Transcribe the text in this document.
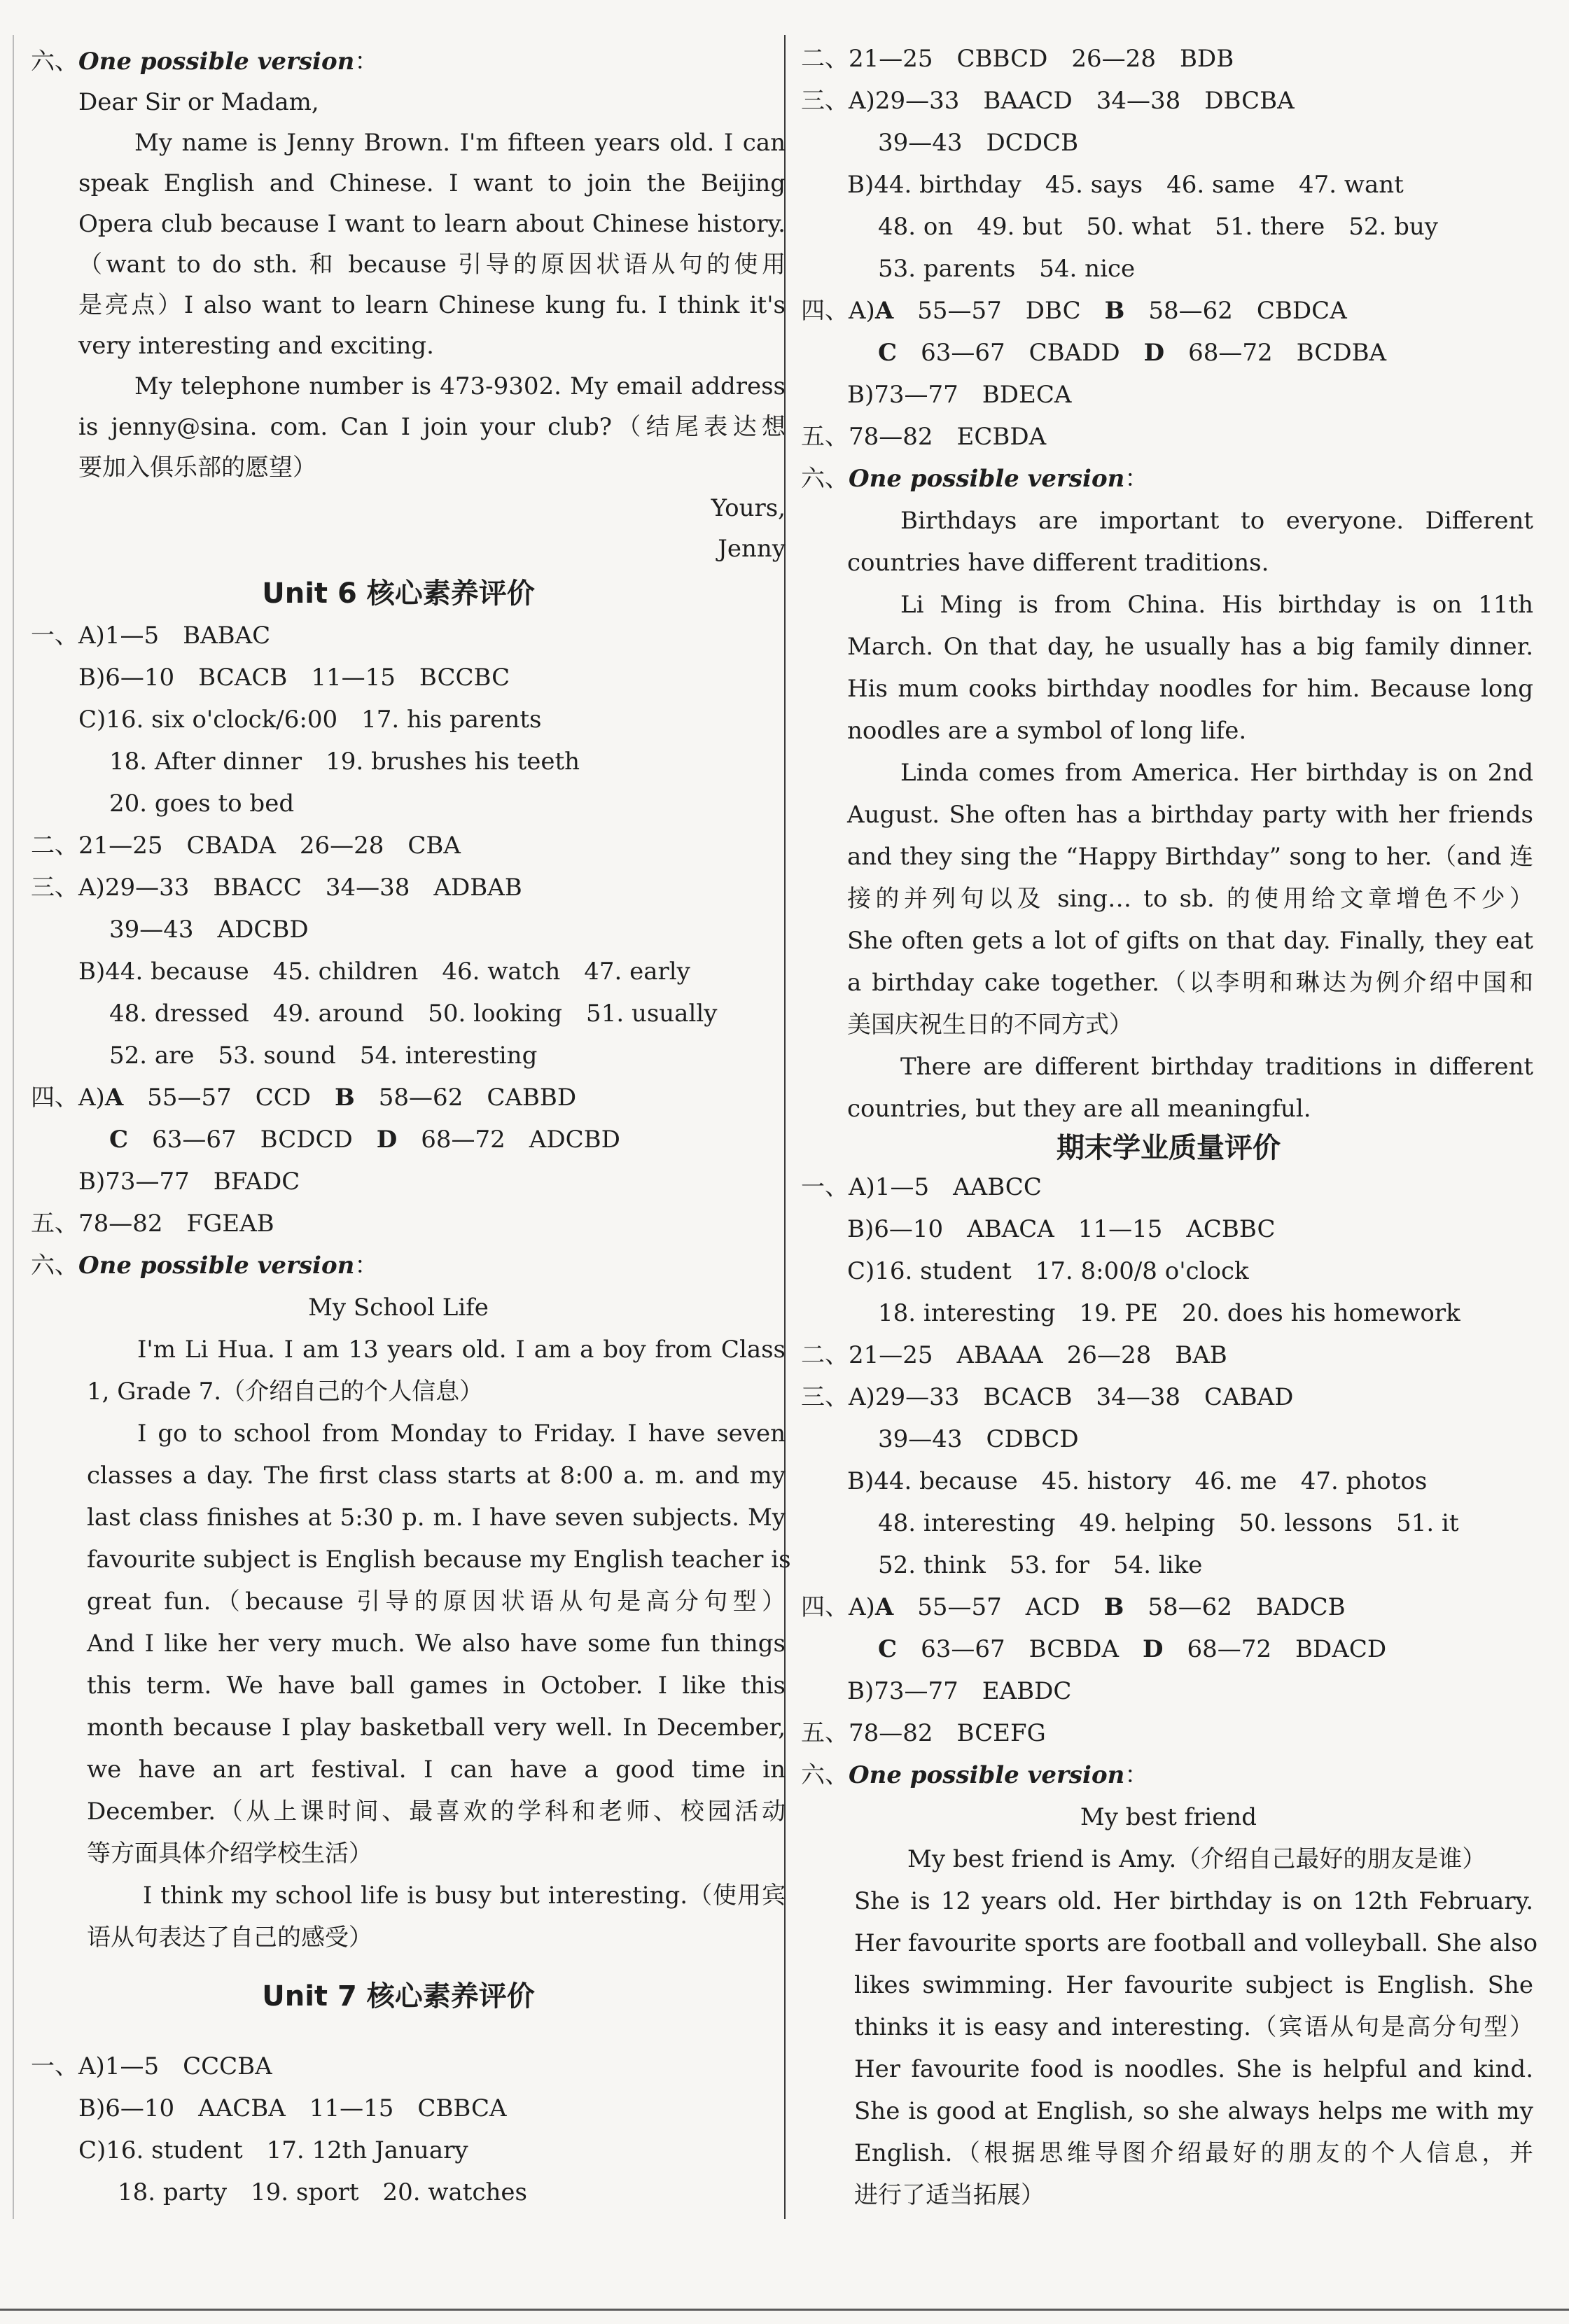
六、One possible version：
Dear Sir or Madam,
My name is Jenny Brown. I'm fifteen years old. I can
speak English and Chinese. I want to join the Beijing
Opera club because I want to learn about Chinese history.
（want to do sth. 和 because 引导的原因状语从句的使用
是亮点）I also want to learn Chinese kung fu. I think it's
very interesting and exciting.
My telephone number is 473-9302. My email address
is jenny@sina. com. Can I join your club?（结尾表达想
要加入俱乐部的愿望）
Yours,
Jenny
Unit 6 核心素养评价
一、A)1—5　BABAC
B)6—10　BCACB　11—15　BCCBC
C)16. six o'clock/6:00　17. his parents
18. After dinner　19. brushes his teeth
20. goes to bed
二、21—25　CBADA　26—28　CBA
三、A)29—33　BBACC　34—38　ADBAB
39—43　ADCBD
B)44. because　45. children　46. watch　47. early
48. dressed　49. around　50. looking　51. usually
52. are　53. sound　54. interesting
四、A)A　 55—57　CCD　B　 58—62　CABBD
C　 63—67　BCDCD　D　 68—72　ADCBD
B)73—77　BFADC
五、78—82　FGEAB
六、One possible version：
My School Life
I'm Li Hua. I am 13 years old. I am a boy from Class
1, Grade 7.（介绍自己的个人信息）
I go to school from Monday to Friday. I have seven
classes a day. The first class starts at 8:00 a. m. and my
last class finishes at 5:30 p. m. I have seven subjects. My
favourite subject is English because my English teacher is
great fun.（because 引导的原因状语从句是高分句型）
And I like her very much. We also have some fun things
this term. We have ball games in October. I like this
month because I play basketball very well. In December,
we have an art festival. I can have a good time in
December.（从上课时间、最喜欢的学科和老师、校园活动
等方面具体介绍学校生活）
I think my school life is busy but interesting.（使用宾
语从句表达了自己的感受）
Unit 7 核心素养评价
一、A)1—5　CCCBA
B)6—10　AACBA　11—15　CBBCA
C)16. student　17. 12th January
18. party　19. sport　20. watches
二、21—25　CBBCD　26—28　BDB
三、A)29—33　BAACD　34—38　DBCBA
39—43　DCDCB
B)44. birthday　45. says　46. same　47. want
48. on　49. but　50. what　51. there　52. buy
53. parents　54. nice
四、A)A　 55—57　DBC　B　 58—62　CBDCA
C　 63—67　CBADD　D　 68—72　BCDBA
B)73—77　BDECA
五、78—82　ECBDA
六、One possible version：
Birthdays are important to everyone. Different
countries have different traditions.
Li Ming is from China. His birthday is on 11th
March. On that day, he usually has a big family dinner.
His mum cooks birthday noodles for him. Because long
noodles are a symbol of long life.
Linda comes from America. Her birthday is on 2nd
August. She often has a birthday party with her friends
and they sing the “Happy Birthday” song to her.（and 连
接的并列句以及 sing… to sb. 的使用给文章增色不少）
She often gets a lot of gifts on that day. Finally, they eat
a birthday cake together.（以李明和琳达为例介绍中国和
美国庆祝生日的不同方式）
There are different birthday traditions in different
countries, but they are all meaningful.
期末学业质量评价
一、A)1—5　AABCC
B)6—10　ABACA　11—15　ACBBC
C)16. student　17. 8:00/8 o'clock
18. interesting　19. PE　20. does his homework
二、21—25　ABAAA　26—28　BAB
三、A)29—33　BCACB　34—38　CABAD
39—43　CDBCD
B)44. because　45. history　46. me　47. photos
48. interesting　49. helping　50. lessons　51. it
52. think　53. for　54. like
四、A)A　 55—57　ACD　B　 58—62　BADCB
C　 63—67　BCBDA　D　 68—72　BDACD
B)73—77　EABDC
五、78—82　BCEFG
六、One possible version：
My best friend
My best friend is Amy.（介绍自己最好的朋友是谁）
She is 12 years old. Her birthday is on 12th February.
Her favourite sports are football and volleyball. She also
likes swimming. Her favourite subject is English. She
thinks it is easy and interesting.（宾语从句是高分句型）
Her favourite food is noodles. She is helpful and kind.
She is good at English, so she always helps me with my
English.（根据思维导图介绍最好的朋友的个人信息，并
进行了适当拓展）
